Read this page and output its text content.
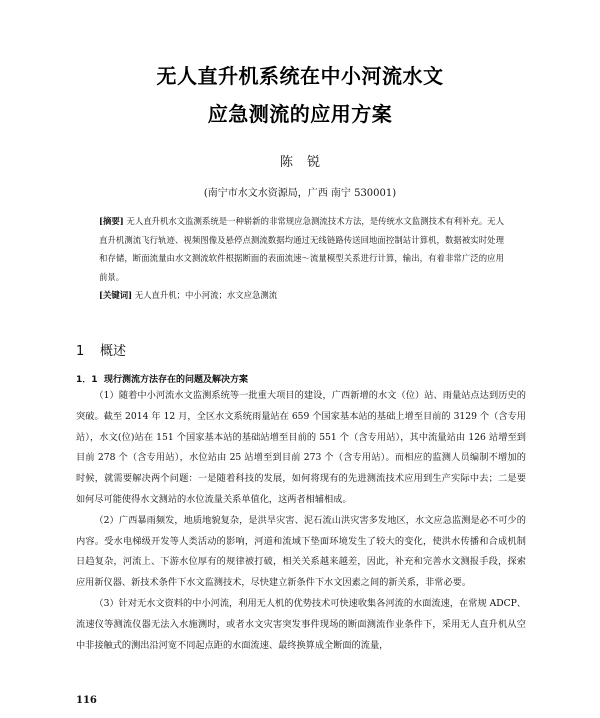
无人直升机系统在中小河流水文
应急测流的应用方案
陈锐
(南宁市水文水资源局，广西 南宁 530001)

[摘要] 无人直升机水文监测系统是一种崭新的非常规应急测流技术方法，是传统水文监测技术有利补充。无人直升机测流飞行轨迹、视频图像及悬停点测流数据均通过无线链路传送回地面控制站计算机，数据被实时处理和存储，断面流量由水文测流软件根据断面的表面流速～流量模型关系进行计算，输出，有着非常广泛的应用前景。

[关键词] 无人直升机；中小河流；水文应急测流

1 概述
1．1 现行测流方法存在的问题及解决方案

（1）随着中小河流水文监测系统等一批重大项目的建设，广西新增的水文（位）站、雨量站点达到历史的突破。截至 2014 年 12 月，全区水文系统雨量站在 659 个国家基本站的基础上增至目前的 3129 个（含专用站），水文(位)站在 151 个国家基本站的基础站增至目前的 551 个（含专用站），其中流量站由 126 站增至到目前 278 个（含专用站），水位站由 25 站增至到目前 273 个（含专用站）。而相应的监测人员编制不增加的时候，就需要解决两个问题：一是随着科技的发展，如何将现有的先进测流技术应用到生产实际中去；二是要如何尽可能使得水文测站的水位流量关系单值化，这两者相辅相成。

（2）广西暴雨频发，地质地貌复杂，是洪旱灾害、泥石流山洪灾害多发地区，水文应急监测是必不可少的内容。受水电梯级开发等人类活动的影响，河道和流域下垫面环境发生了较大的变化，使洪水传播和合成机制日趋复杂，河流上、下游水位厚有的规律被打破，相关关系越来越差，因此，补充和完善水文测报手段，探索应用新仪器、新技术条件下水文监测技术，尽快建立新条件下水文因素之间的新关系，非常必要。

（3）针对无水文资料的中小河流，利用无人机的优势技术可快速收集各河流的水面流速，在常规 ADCP、流速仪等测流仪器无法入水施测时，或者水文灾害突发事件现场的断面测流作业条件下，采用无人直升机从空中非接触式的测出沿河宽不同起点距的水面流速、最终换算成全断面的流量，

116
